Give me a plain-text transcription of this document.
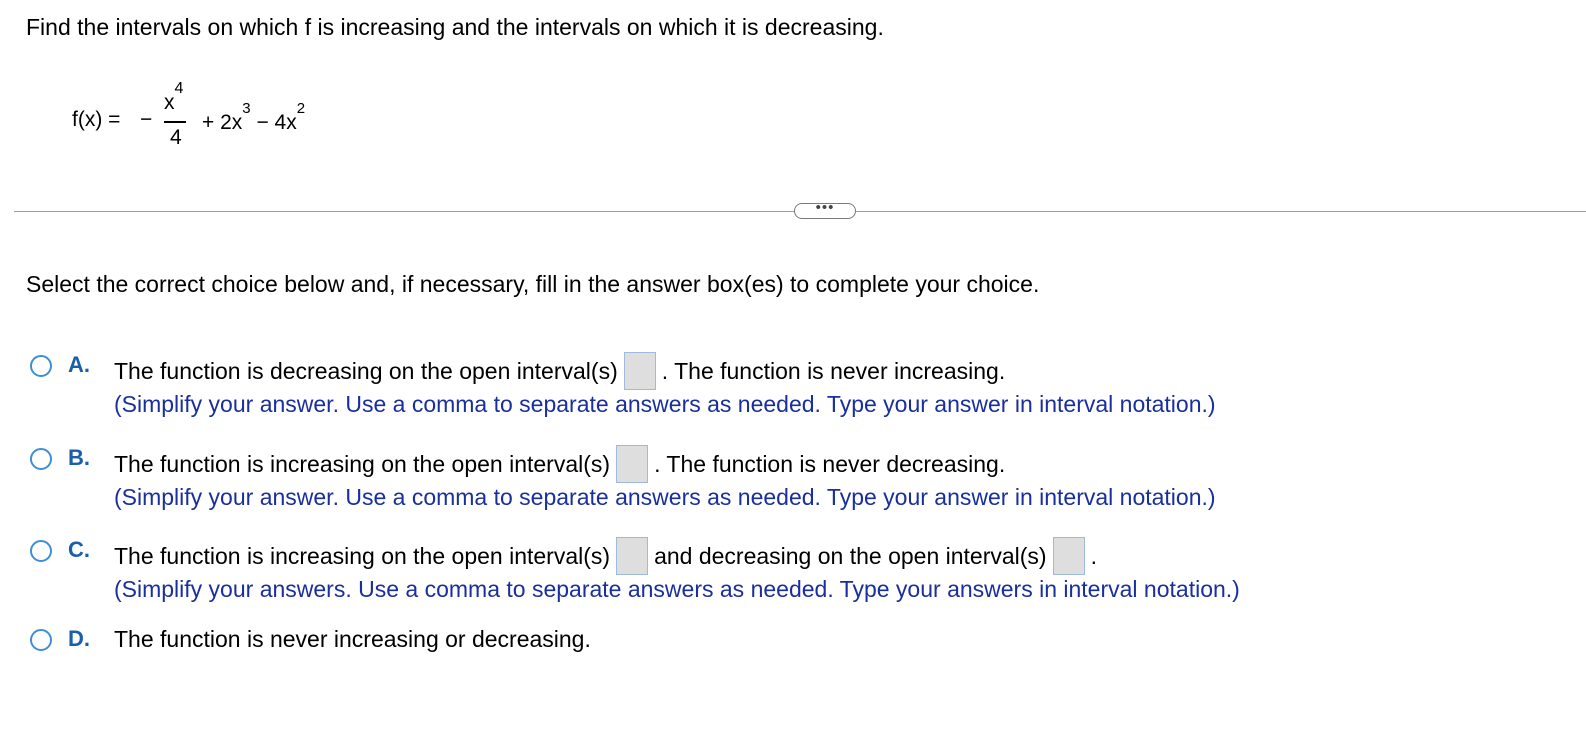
Find the intervals on which f is increasing and the intervals on which it is decreasing.
f(x) = −
$x^4$
4
+ $2x^3 - 4x^2$
•••
Select the correct choice below and, if necessary, fill in the answer box(es) to complete your choice.
A. The function is decreasing on the open interval(s) . The function is never increasing.
(Simplify your answer. Use a comma to separate answers as needed. Type your answer in interval notation.)
B. The function is increasing on the open interval(s) . The function is never decreasing.
(Simplify your answer. Use a comma to separate answers as needed. Type your answer in interval notation.)
C. The function is increasing on the open interval(s) and decreasing on the open interval(s) .
(Simplify your answers. Use a comma to separate answers as needed. Type your answers in interval notation.)
D. The function is never increasing or decreasing.
